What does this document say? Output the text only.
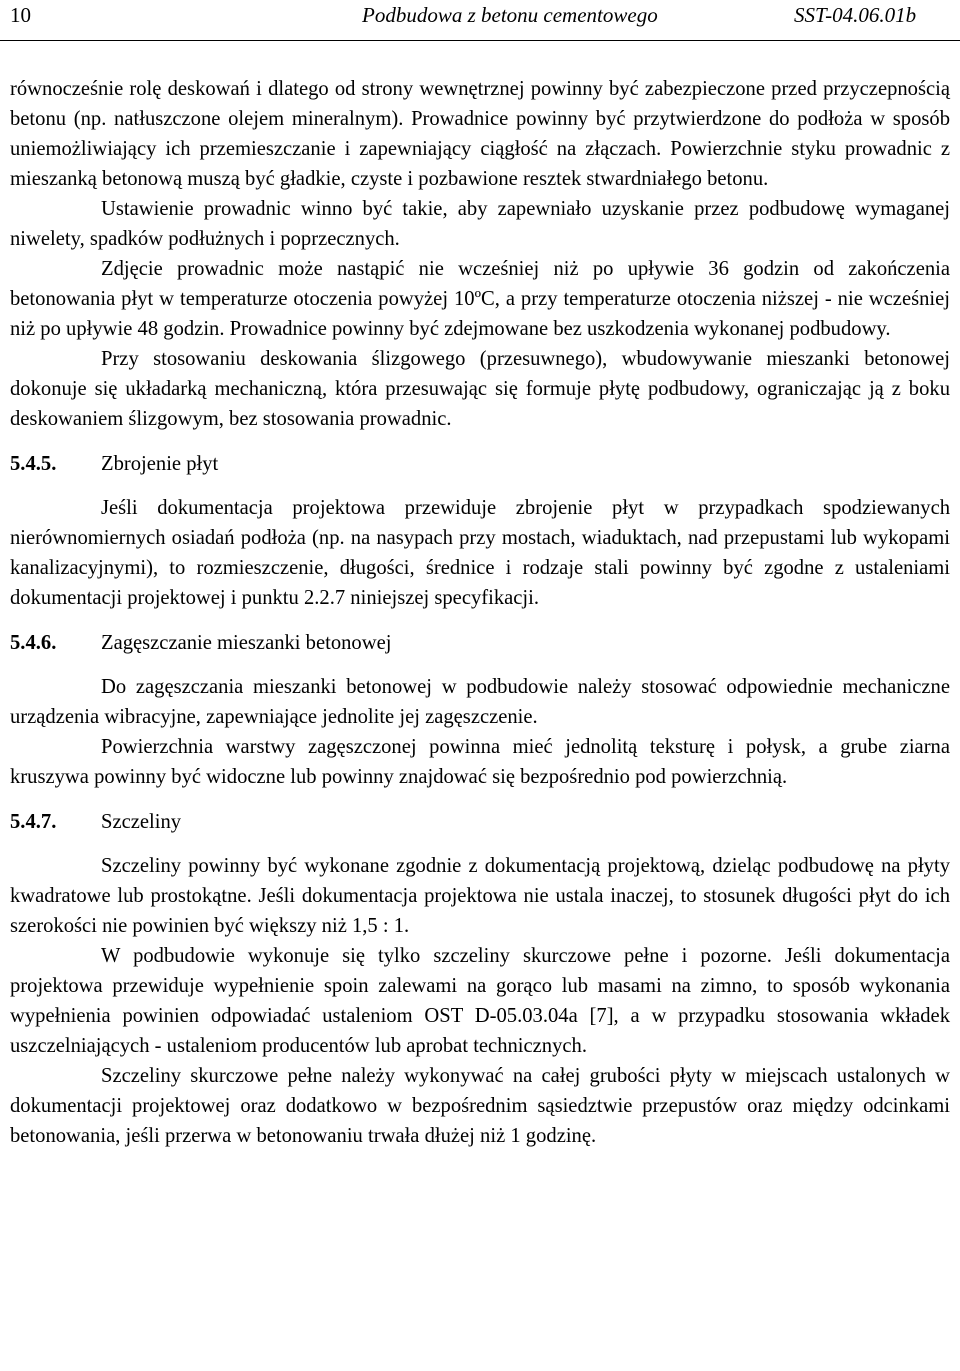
10	Podbudowa z betonu cementowego	SST-04.06.01b

równocześnie rolę deskowań i dlatego od strony wewnętrznej powinny być zabezpieczone przed przyczepnością betonu (np. natłuszczone olejem mineralnym). Prowadnice powinny być przytwierdzone do podłoża w sposób uniemożliwiający ich przemieszczanie i zapewniający ciągłość na złączach. Powierzchnie styku prowadnic z mieszanką betonową muszą być gładkie, czyste i pozbawione resztek stwardniałego betonu.

Ustawienie prowadnic winno być takie, aby zapewniało uzyskanie przez podbudowę wymaganej niwelety, spadków podłużnych i poprzecznych.

Zdjęcie prowadnic może nastąpić nie wcześniej niż po upływie 36 godzin od zakończenia betonowania płyt w temperaturze otoczenia powyżej 10ºC, a przy temperaturze otoczenia niższej - nie wcześniej niż po upływie 48 godzin. Prowadnice powinny być zdejmowane bez uszkodzenia wykonanej podbudowy.

Przy stosowaniu deskowania ślizgowego (przesuwnego), wbudowywanie mieszanki betonowej dokonuje się układarką mechaniczną, która przesuwając się formuje płytę podbudowy, ograniczając ją z boku deskowaniem ślizgowym, bez stosowania prowadnic.

5.4.5. Zbrojenie płyt

Jeśli dokumentacja projektowa przewiduje zbrojenie płyt w przypadkach spodziewanych nierównomiernych osiadań podłoża (np. na nasypach przy mostach, wiaduktach, nad przepustami lub wykopami kanalizacyjnymi), to rozmieszczenie, długości, średnice i rodzaje stali powinny być zgodne z ustaleniami dokumentacji projektowej i punktu 2.2.7 niniejszej specyfikacji.

5.4.6. Zagęszczanie mieszanki betonowej

Do zagęszczania mieszanki betonowej w podbudowie należy stosować odpowiednie mechaniczne urządzenia wibracyjne, zapewniające jednolite jej zagęszczenie.

Powierzchnia warstwy zagęszczonej powinna mieć jednolitą teksturę i połysk, a grube ziarna kruszywa powinny być widoczne lub powinny znajdować się bezpośrednio pod powierzchnią.

5.4.7. Szczeliny

Szczeliny powinny być wykonane zgodnie z dokumentacją projektową, dzieląc podbudowę na płyty kwadratowe lub prostokątne. Jeśli dokumentacja projektowa nie ustala inaczej, to stosunek długości płyt do ich szerokości nie powinien być większy niż 1,5 : 1.

W podbudowie wykonuje się tylko szczeliny skurczowe pełne i pozorne. Jeśli dokumentacja projektowa przewiduje wypełnienie spoin zalewami na gorąco lub masami na zimno, to sposób wykonania wypełnienia powinien odpowiadać ustaleniom OST D-05.03.04a [7], a w przypadku stosowania wkładek uszczelniających - ustaleniom producentów lub aprobat technicznych.

Szczeliny skurczowe pełne należy wykonywać na całej grubości płyty w miejscach ustalonych w dokumentacji projektowej oraz dodatkowo w bezpośrednim sąsiedztwie przepustów oraz między odcinkami betonowania, jeśli przerwa w betonowaniu trwała dłużej niż 1 godzinę.
